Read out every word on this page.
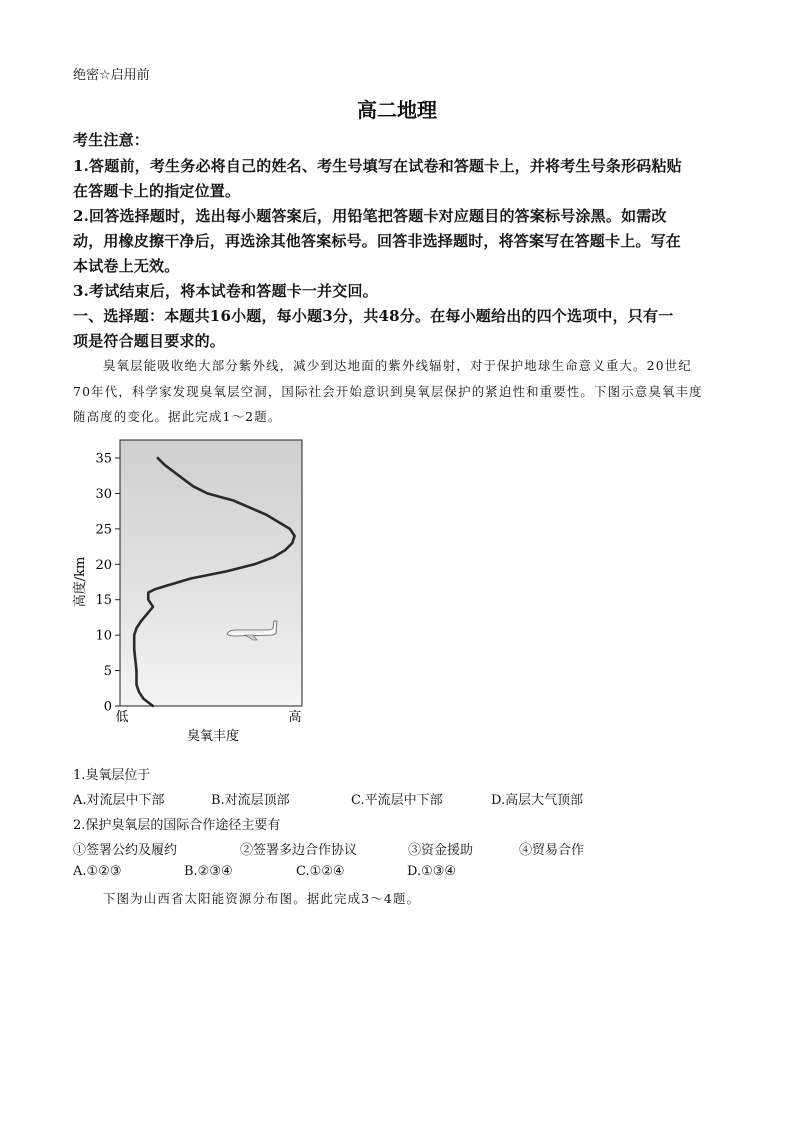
绝密☆启用前
高二地理
考生注意：
1.答题前，考生务必将自己的姓名、考生号填写在试卷和答题卡上，并将考生号条形码粘贴
在答题卡上的指定位置。
2.回答选择题时，选出每小题答案后，用铅笔把答题卡对应题目的答案标号涂黑。如需改
动，用橡皮擦干净后，再选涂其他答案标号。回答非选择题时，将答案写在答题卡上。写在
本试卷上无效。
3.考试结束后，将本试卷和答题卡一并交回。
一、选择题：本题共16小题，每小题3分，共48分。在每小题给出的四个选项中，只有一
项是符合题目要求的。
臭氧层能吸收绝大部分紫外线，减少到达地面的紫外线辐射，对于保护地球生命意义重大。20世纪
70年代，科学家发现臭氧层空洞，国际社会开始意识到臭氧层保护的紧迫性和重要性。下图示意臭氧丰度
随高度的变化。据此完成1～2题。
0
5
10
15
20
25
30
35
高度/km
低	高
臭氧丰度
1.臭氧层位于
A.对流层中下部	B.对流层顶部	C.平流层中下部	D.高层大气顶部
2.保护臭氧层的国际合作途径主要有
①签署公约及履约	②签署多边合作协议	③资金援助	④贸易合作
A.①②③	B.②③④	C.①②④	D.①③④
下图为山西省太阳能资源分布图。据此完成3～4题。
